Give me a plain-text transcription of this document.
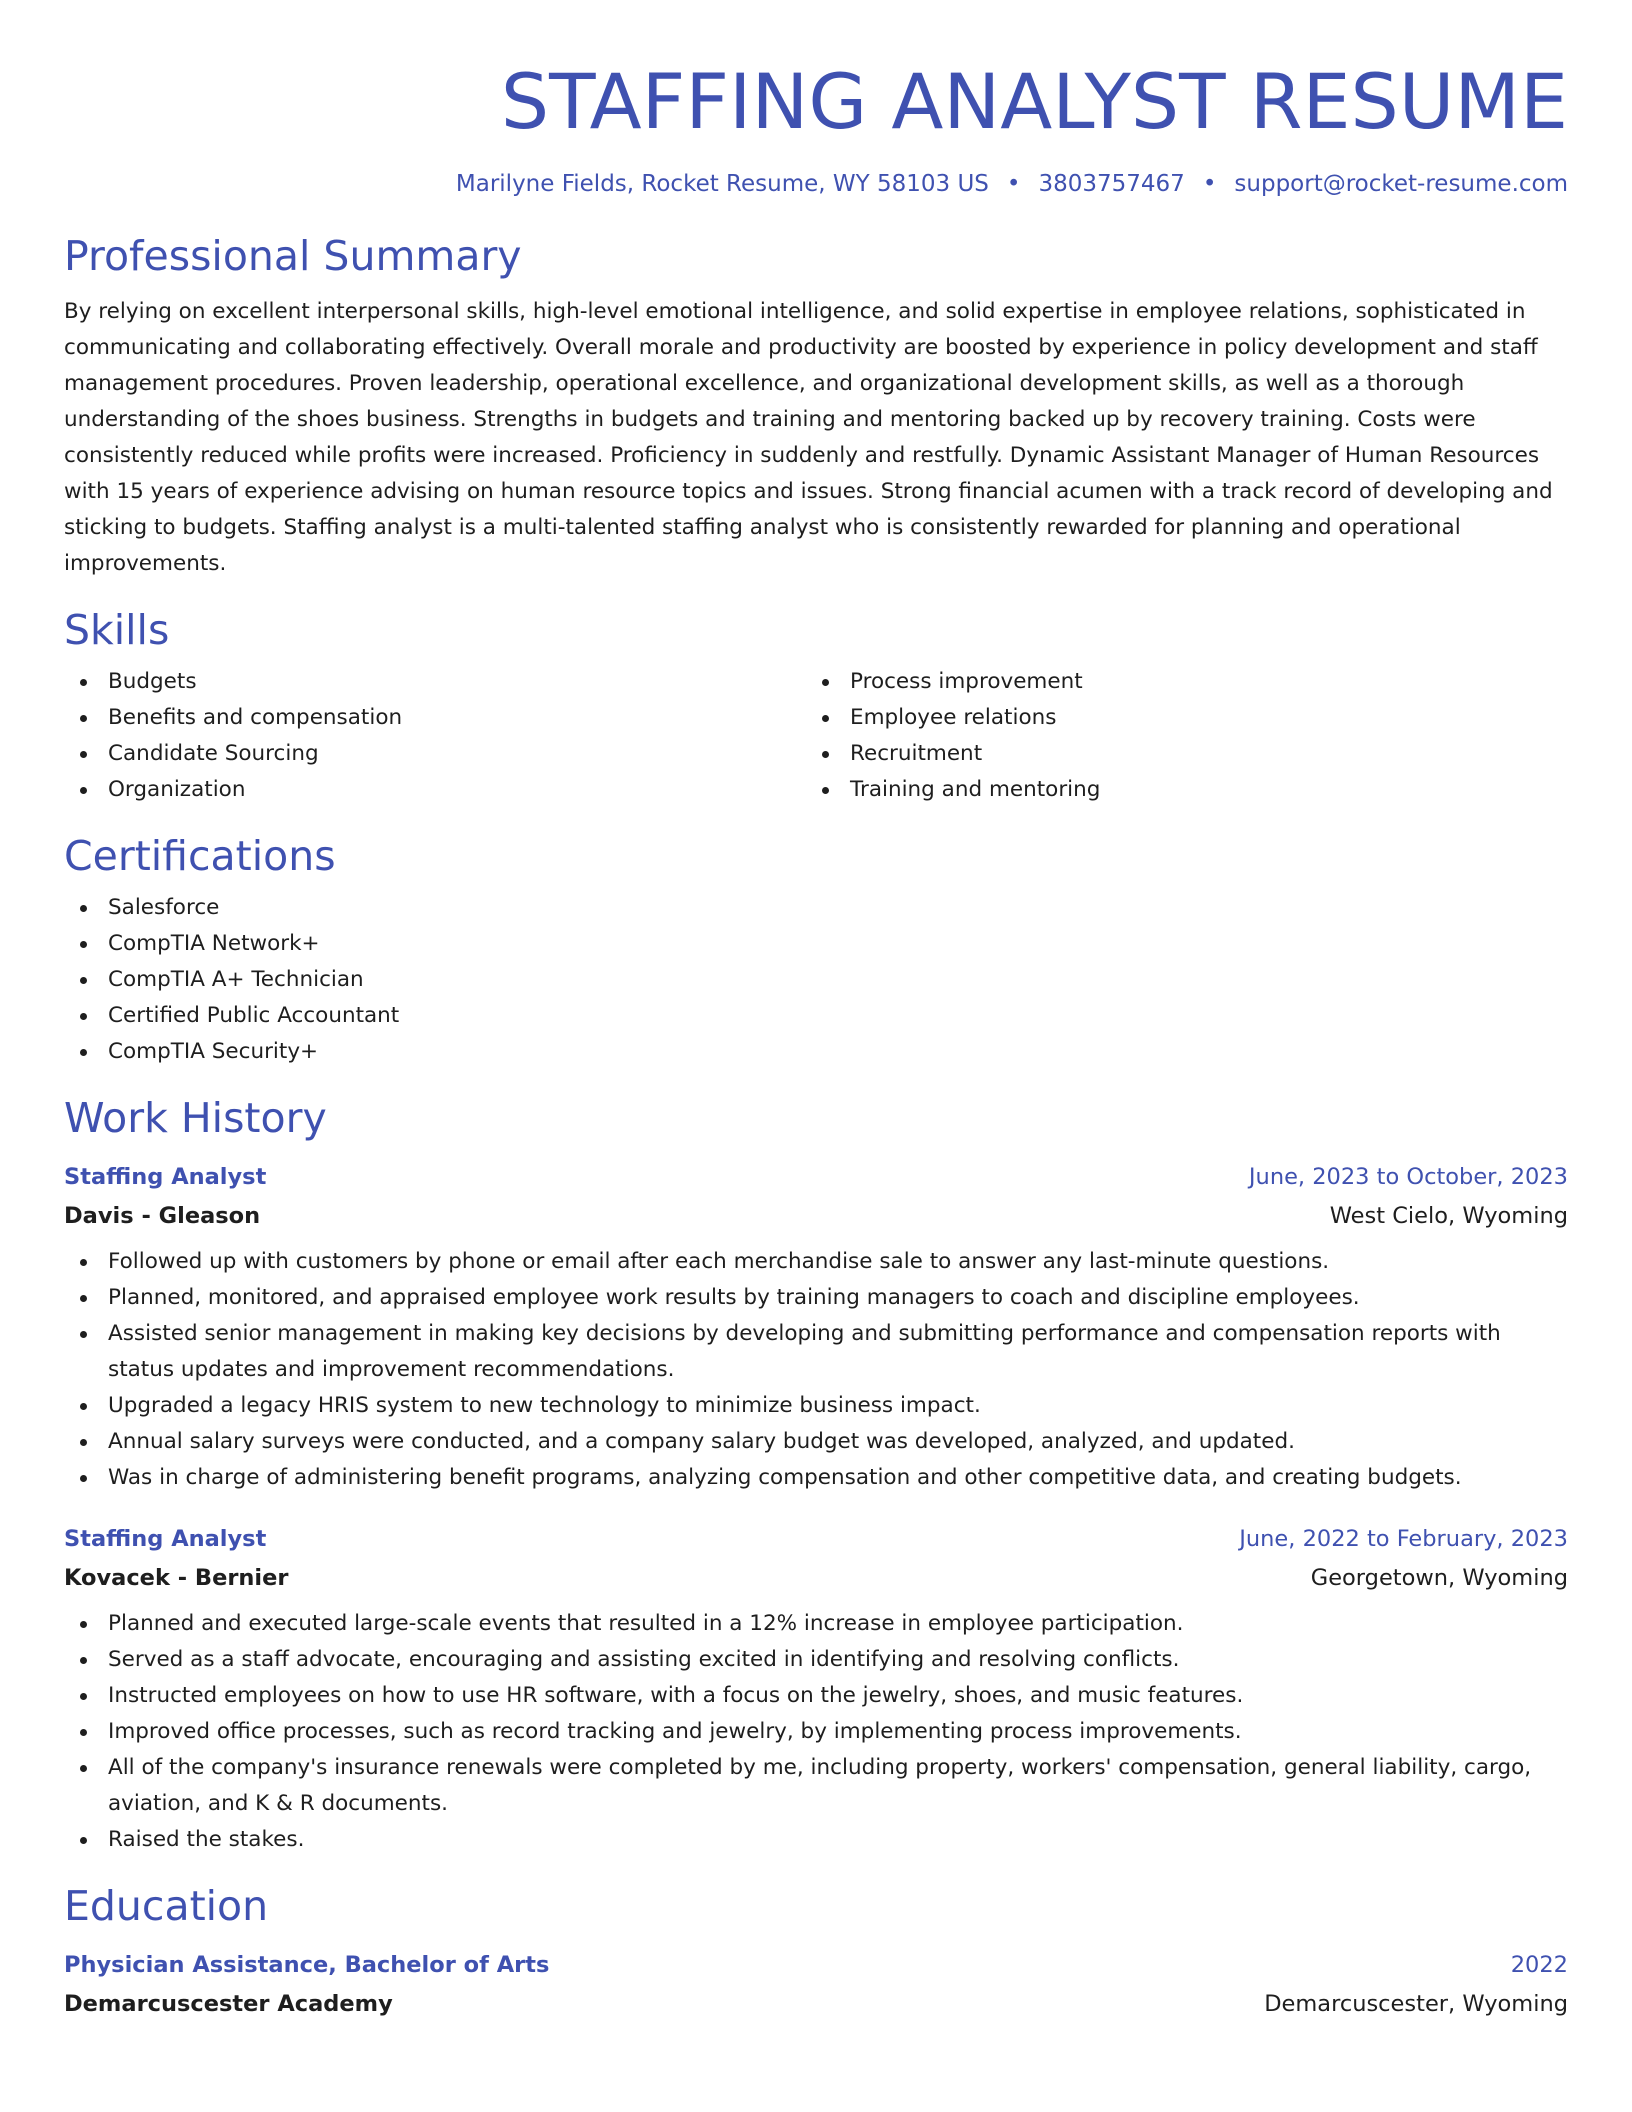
STAFFING ANALYST RESUME
Marilyne Fields, Rocket Resume, WY 58103 US • 3803757467 • support@rocket-resume.com
Professional Summary

By relying on excellent interpersonal skills, high-level emotional intelligence, and solid expertise in employee relations, sophisticated in communicating and collaborating effectively. Overall morale and productivity are boosted by experience in policy development and staff management procedures. Proven leadership, operational excellence, and organizational development skills, as well as a thorough understanding of the shoes business. Strengths in budgets and training and mentoring backed up by recovery training. Costs were consistently reduced while profits were increased. Proficiency in suddenly and restfully. Dynamic Assistant Manager of Human Resources with 15 years of experience advising on human resource topics and issues. Strong financial acumen with a track record of developing and sticking to budgets. Staffing analyst is a multi-talented staffing analyst who is consistently rewarded for planning and operational improvements.

Skills
Budgets
Benefits and compensation
Candidate Sourcing
Organization
Process improvement
Employee relations
Recruitment
Training and mentoring
Certifications
Salesforce
CompTIA Network+
CompTIA A+ Technician
Certified Public Accountant
CompTIA Security+
Work History
Staffing Analyst	June, 2023 to October, 2023
Davis - Gleason	West Cielo, Wyoming
Followed up with customers by phone or email after each merchandise sale to answer any last-minute questions.
Planned, monitored, and appraised employee work results by training managers to coach and discipline employees.
Assisted senior management in making key decisions by developing and submitting performance and compensation reports with status updates and improvement recommendations.
Upgraded a legacy HRIS system to new technology to minimize business impact.
Annual salary surveys were conducted, and a company salary budget was developed, analyzed, and updated.
Was in charge of administering benefit programs, analyzing compensation and other competitive data, and creating budgets.
Staffing Analyst	June, 2022 to February, 2023
Kovacek - Bernier	Georgetown, Wyoming
Planned and executed large-scale events that resulted in a 12% increase in employee participation.
Served as a staff advocate, encouraging and assisting excited in identifying and resolving conflicts.
Instructed employees on how to use HR software, with a focus on the jewelry, shoes, and music features.
Improved office processes, such as record tracking and jewelry, by implementing process improvements.
All of the company's insurance renewals were completed by me, including property, workers' compensation, general liability, cargo, aviation, and K & R documents.
Raised the stakes.
Education
Physician Assistance, Bachelor of Arts	2022
Demarcuscester Academy	Demarcuscester, Wyoming
